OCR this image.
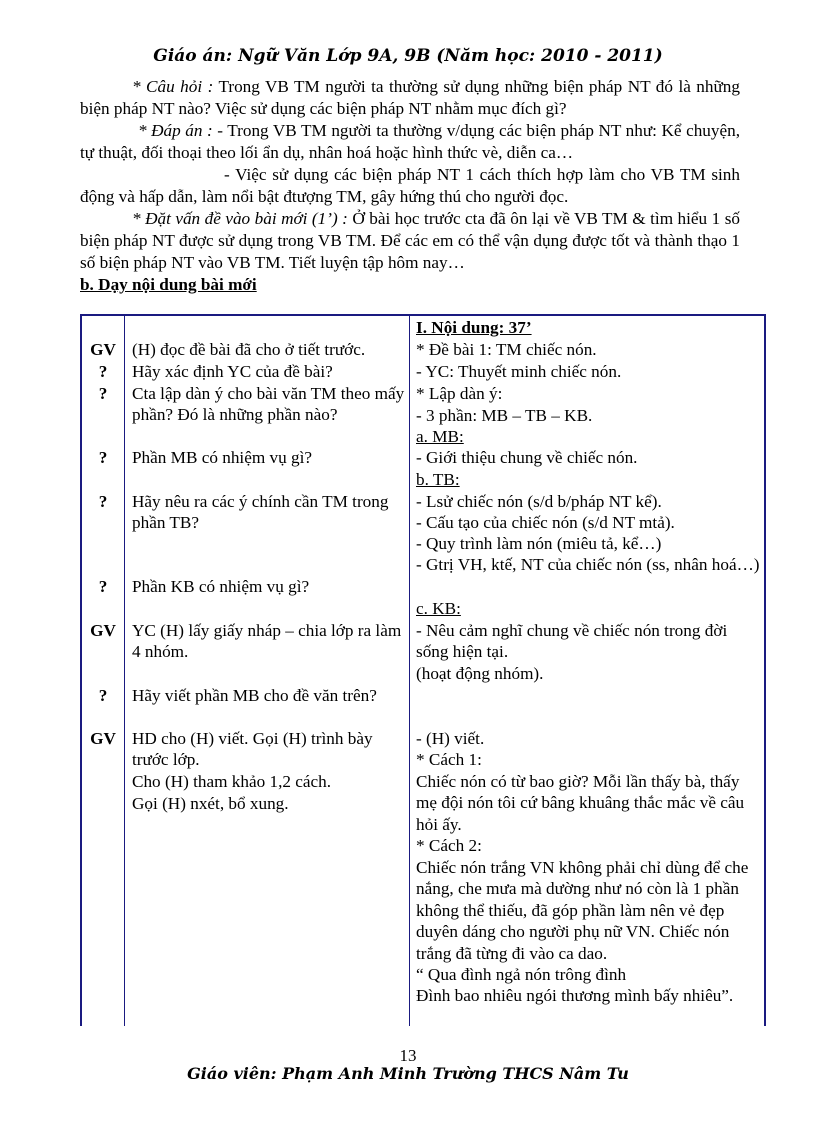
Giáo án: Ngữ Văn Lớp 9A, 9B (Năm học: 2010 - 2011)

* Câu hỏi : Trong VB TM người ta thường sử dụng những biện pháp NT đó là những biện pháp NT nào? Việc sử dụng các biện pháp NT nhằm mục đích gì?

* Đáp án : - Trong VB TM người ta thường v/dụng các biện pháp NT như: Kể chuyện, tự thuật, đối thoại theo lối ẩn dụ, nhân hoá hoặc hình thức vè, diễn ca…

- Việc sử dụng các biện pháp NT 1 cách thích hợp làm cho VB TM sinh động và hấp dẫn, làm nổi bật đtượng TM, gây hứng thú cho người đọc.

* Đặt vấn đề vào bài mới (1’) : Ở bài học trước cta đã ôn lại về VB TM & tìm hiểu 1 số biện pháp NT được sử dụng trong VB TM. Để các em có thể vận dụng được tốt và thành thạo 1 số biện pháp NT vào VB TM. Tiết luyện tập hôm nay…

b. Dạy nội dung bài mới
GV
?
?
?
?
?
GV
?
GV
(H) đọc đề bài đã cho ở tiết trước.
Hãy xác định YC của đề bài?
Cta lập dàn ý cho bài văn TM theo mấy phần? Đó là những phần nào?
Phần MB có nhiệm vụ gì?
Hãy nêu ra các ý chính cần TM trong phần TB?
Phần KB có nhiệm vụ gì?
YC (H) lấy giấy nháp – chia lớp ra làm 4 nhóm.
Hãy viết phần MB cho đề văn trên?
HD cho (H) viết. Gọi (H) trình bày trước lớp.
Cho (H) tham khảo 1,2 cách.
Gọi (H) nxét, bổ xung.
I. Nội dung: 37’
* Đề bài 1: TM chiếc nón.
- YC: Thuyết minh chiếc nón.
* Lập dàn ý:
- 3 phần: MB – TB – KB.
a. MB:
- Giới thiệu chung về chiếc nón.
b. TB:
- Lsử chiếc nón (s/d b/pháp NT kể).
- Cấu tạo của chiếc nón (s/d NT mtả).
- Quy trình làm nón (miêu tả, kể…)
- Gtrị VH, ktế, NT của chiếc nón (ss, nhân hoá…)
c. KB:
- Nêu cảm nghĩ chung về chiếc nón trong đời sống hiện tại.
(hoạt động nhóm).
- (H) viết.
* Cách 1:
Chiếc nón có từ bao giờ? Mỗi lần thấy bà, thấy mẹ đội nón tôi cứ bâng khuâng thắc mắc về câu hỏi ấy.
* Cách 2:
Chiếc nón trắng VN không phải chỉ dùng để che nắng, che mưa mà dường như nó còn là 1 phần không thể thiếu, đã góp phần làm nên vẻ đẹp duyên dáng cho người phụ nữ VN. Chiếc nón trắng đã từng đi vào ca dao.
“ Qua đình ngả nón trông đình
Đình bao nhiêu ngói thương mình bấy nhiêu”.
13
Giáo viên: Phạm Anh Minh Trường THCS Nâm Tu
